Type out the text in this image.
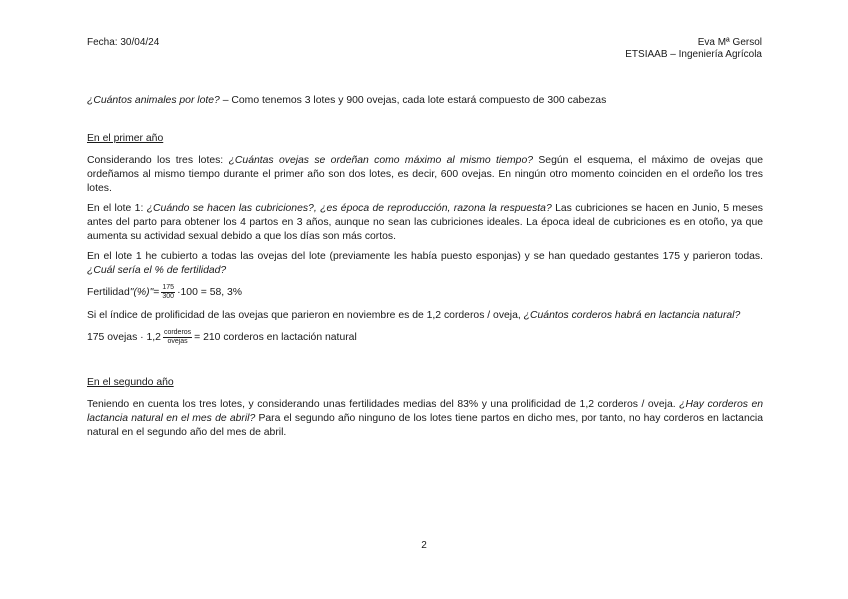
Fecha: 30/04/24	Eva Mª Gersol
ETSIAAB – Ingeniería Agrícola

¿Cuántos animales por lote? – Como tenemos 3 lotes y 900 ovejas, cada lote estará compuesto de 300 cabezas

En el primer año

Considerando los tres lotes: ¿Cuántas ovejas se ordeñan como máximo al mismo tiempo? Según el esquema, el máximo de ovejas que ordeñamos al mismo tiempo durante el primer año son dos lotes, es decir, 600 ovejas. En ningún otro momento coinciden en el ordeño los tres lotes.

En el lote 1: ¿Cuándo se hacen las cubriciones?, ¿es época de reproducción, razona la respuesta? Las cubriciones se hacen en Junio, 5 meses antes del parto para obtener los 4 partos en 3 años, aunque no sean las cubriciones ideales. La época ideal de cubriciones es en otoño, ya que aumenta su actividad sexual debido a que los días son más cortos.

En el lote 1 he cubierto a todas las ovejas del lote (previamente les había puesto esponjas) y se han quedado gestantes 175 y parieron todas. ¿Cuál sería el % de fertilidad?

Fertilidad "(%)" = $\frac{175}{300} \cdot 100 = 58$, 3%

Si el índice de prolificidad de las ovejas que parieron en noviembre es de 1,2 corderos / oveja, ¿Cuántos corderos habrá en lactancia natural?

175 ovejas · $1,2 \frac{\text{corderos}}{\text{ovejas}} = 210$ corderos en lactación natural

En el segundo año

Teniendo en cuenta los tres lotes, y considerando unas fertilidades medias del 83% y una prolificidad de 1,2 corderos / oveja. ¿Hay corderos en lactancia natural en el mes de abril? Para el segundo año ninguno de los lotes tiene partos en dicho mes, por tanto, no hay corderos en lactancia natural en el segundo año del mes de abril.

2
